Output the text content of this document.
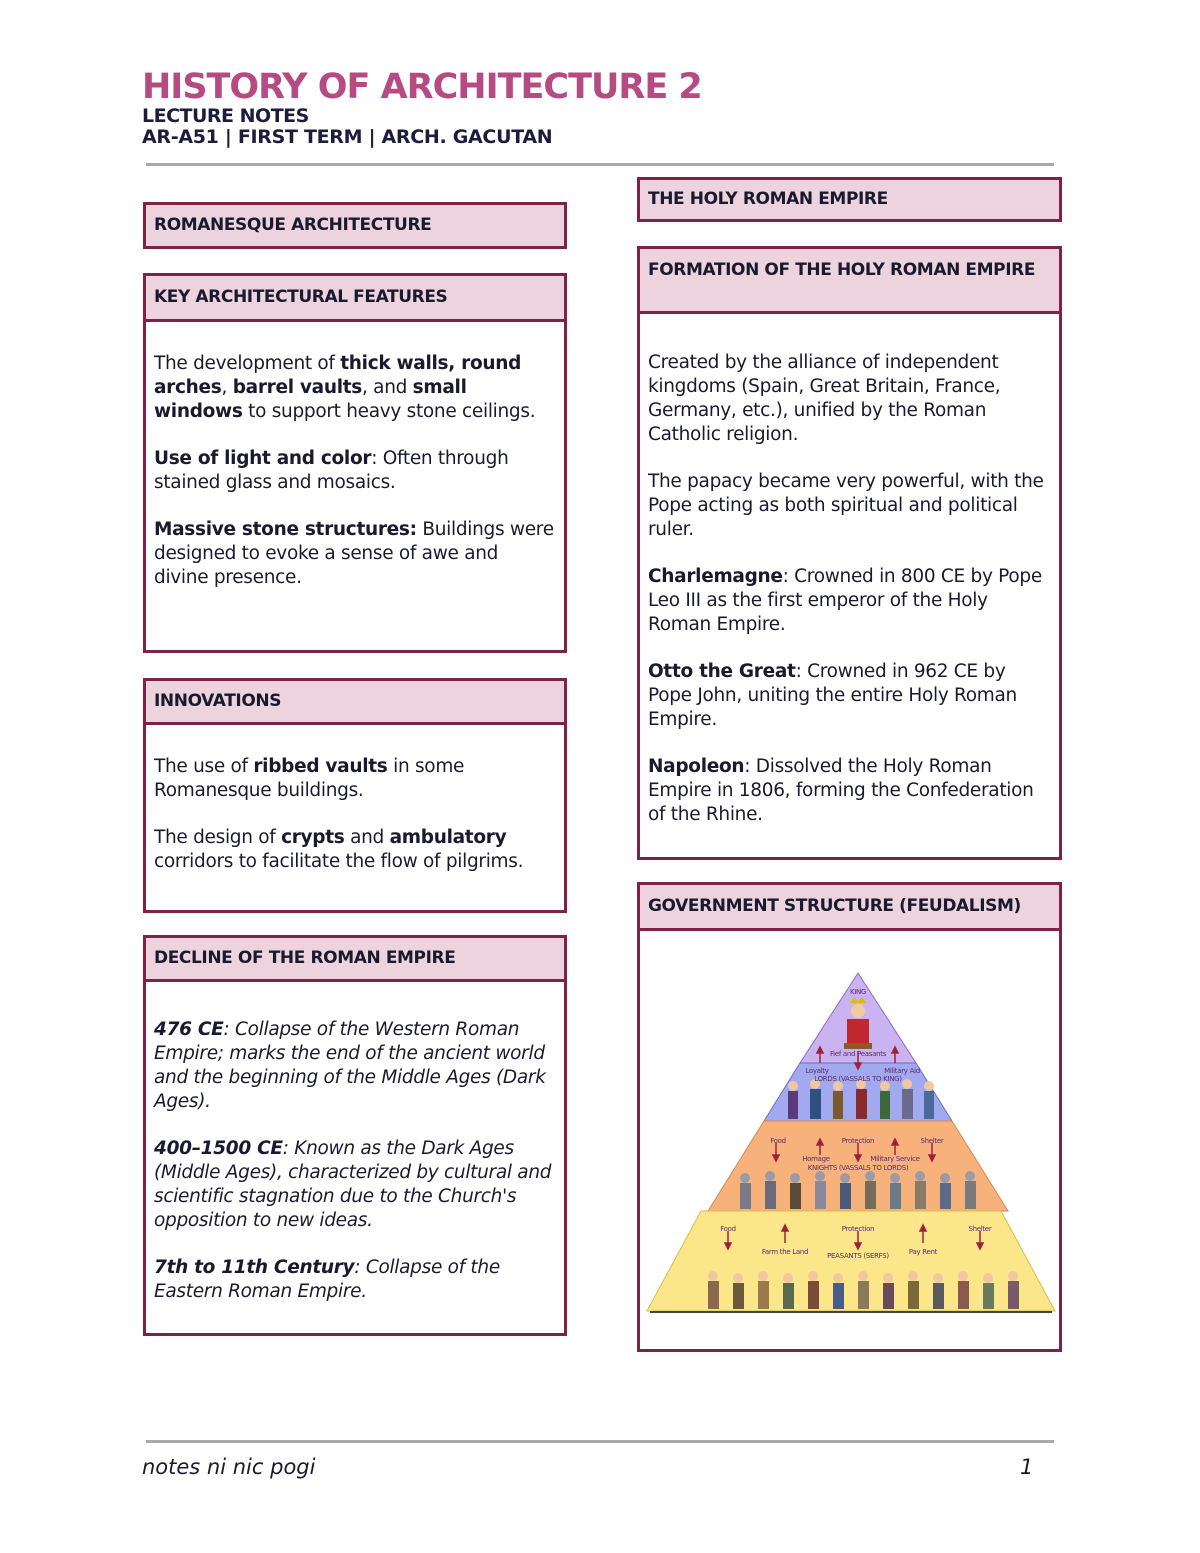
HISTORY OF ARCHITECTURE 2
LECTURE NOTES
AR-A51 | FIRST TERM | ARCH. GACUTAN
ROMANESQUE ARCHITECTURE
KEY ARCHITECTURAL FEATURES

The development of thick walls, round arches, barrel vaults, and small windows to support heavy stone ceilings.

Use of light and color: Often through stained glass and mosaics.

Massive stone structures: Buildings were designed to evoke a sense of awe and divine presence.

INNOVATIONS

The use of ribbed vaults in some Romanesque buildings.

The design of crypts and ambulatory corridors to facilitate the flow of pilgrims.

DECLINE OF THE ROMAN EMPIRE

476 CE: Collapse of the Western Roman Empire; marks the end of the ancient world and the beginning of the Middle Ages (Dark Ages).

400–1500 CE: Known as the Dark Ages (Middle Ages), characterized by cultural and scientific stagnation due to the Church's opposition to new ideas.

7th to 11th Century: Collapse of the Eastern Roman Empire.

THE HOLY ROMAN EMPIRE
FORMATION OF THE HOLY ROMAN EMPIRE

Created by the alliance of independent kingdoms (Spain, Great Britain, France, Germany, etc.), unified by the Roman Catholic religion.

The papacy became very powerful, with the Pope acting as both spiritual and political ruler.

Charlemagne: Crowned in 800 CE by Pope Leo III as the first emperor of the Holy Roman Empire.

Otto the Great: Crowned in 962 CE by Pope John, uniting the entire Holy Roman Empire.

Napoleon: Dissolved the Holy Roman Empire in 1806, forming the Confederation of the Rhine.

GOVERNMENT STRUCTURE (FEUDALISM)
KING
Fief and Peasants
Loyalty	Military Aid
LORDS (VASSALS TO KING)
Food	Protection	Shelter
Homage	Military Service
KNIGHTS (VASSALS TO LORDS)
Food	Protection	Shelter
Farm the Land	Pay Rent
PEASANTS (SERFS)
notes ni nic pogi	1
